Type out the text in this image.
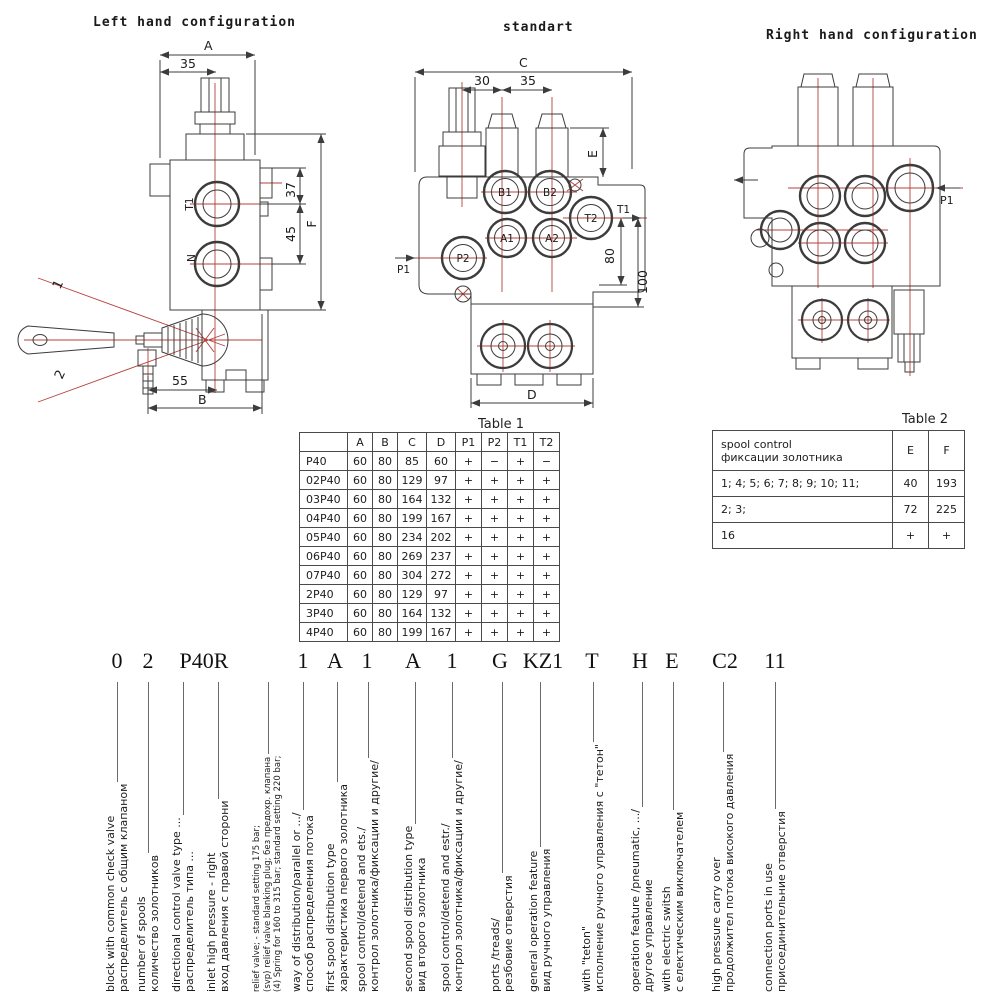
Left hand configuration	standart
Right hand configuration
A
35
37
45
F
T1
N
1
2	55
B
C
30 35
E
80
100
D
B1	B2
T2
T1
A1	A2
P2
P1
P1
Table 1
	A	B	C	D	P1	P2	T1	T2
P40	60	80	85	60	+	−	+	−
02P40	60	80	129	97	+	+	+	+
03P40	60	80	164	132	+	+	+	+
04P40	60	80	199	167	+	+	+	+
05P40	60	80	234	202	+	+	+	+
06P40	60	80	269	237	+	+	+	+
07P40	60	80	304	272	+	+	+	+
2P40	60	80	129	97	+	+	+	+
3P40	60	80	164	132	+	+	+	+
4P40	60	80	199	167	+	+	+	+
Table 2
spool control
фиксации золотника	E	F
1; 4; 5; 6; 7; 8; 9; 10; 11;	40	193
2; 3;	72	225
16	+	+
0 2 P40R	1 A 1 A 1 G KZ1 T H E C2 11
block with common check valve распределитель с общим клапаном number of spools количество золотников directional control valve type ... распределитель типа ... inlet high pressure - right вход давления с правой сторони	relief valve; - standard setting 175 bar; (svp) relief valve blanking plug; без предохр. клапана (4) Spring for 160 to 315 bar; standard setting 220 bar; way of distribution/parallel or .../ способ распределения потока first spool distribution type характеристика первого золотника spool control/detend and ets./ контрол золотника/фиксации и другие/ second spool distribution type вид второго золотника spool control/detend and estr./ контрол золотника/фиксации и другие/ ports /treads/ резбовие отверстия general operation feature вид ручного управления with "teton" исполнение ручного управления с "тетон" operation feature /pneumatic, .../ другое управление with electric switsh с електическим виключателем high pressure carry over продолжител потока високого давления connection ports in use присоединительние отверстия
